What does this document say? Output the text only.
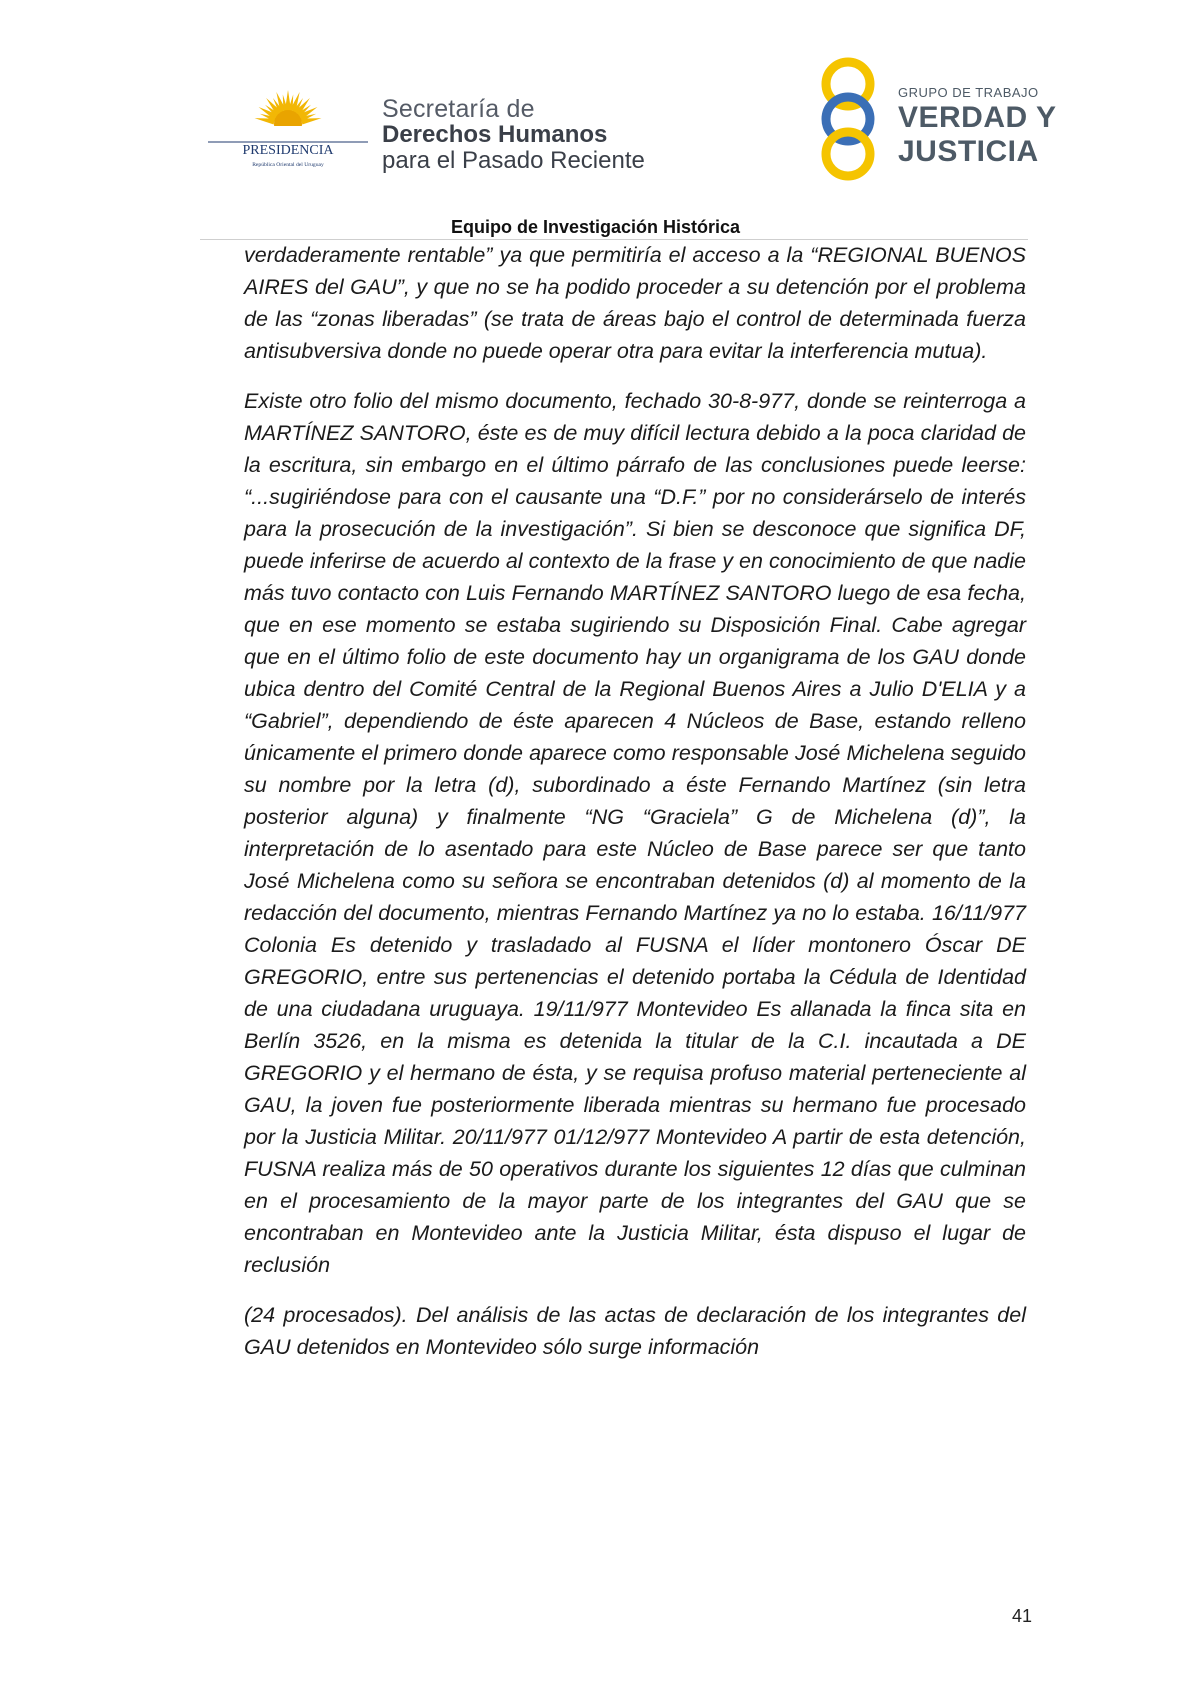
PRESIDENCIA
República Oriental del Uruguay
Secretaría de
Derechos Humanos
para el Pasado Reciente
GRUPO DE TRABAJO
VERDAD Y
JUSTICIA
Equipo de Investigación Histórica

verdaderamente rentable” ya que permitiría el acceso a la “REGIONAL BUENOS AIRES del GAU”, y que no se ha podido proceder a su detención por el problema de las “zonas liberadas” (se trata de áreas bajo el control de determinada fuerza antisubversiva donde no puede operar otra para evitar la interferencia mutua).

Existe otro folio del mismo documento, fechado 30-8-977, donde se reinterroga a MARTÍNEZ SANTORO, éste es de muy difícil lectura debido a la poca claridad de la escritura, sin embargo en el último párrafo de las conclusiones puede leerse: “...sugiriéndose para con el causante una “D.F.” por no considerárselo de interés para la prosecución de la investigación”. Si bien se desconoce que significa DF, puede inferirse de acuerdo al contexto de la frase y en conocimiento de que nadie más tuvo contacto con Luis Fernando MARTÍNEZ SANTORO luego de esa fecha, que en ese momento se estaba sugiriendo su Disposición Final. Cabe agregar que en el último folio de este documento hay un organigrama de los GAU donde ubica dentro del Comité Central de la Regional Buenos Aires a Julio D'ELIA y a “Gabriel”, dependiendo de éste aparecen 4 Núcleos de Base, estando relleno únicamente el primero donde aparece como responsable José Michelena seguido su nombre por la letra (d), subordinado a éste Fernando Martínez (sin letra posterior alguna) y finalmente “NG “Graciela” G de Michelena (d)”, la interpretación de lo asentado para este Núcleo de Base parece ser que tanto José Michelena como su señora se encontraban detenidos (d) al momento de la redacción del documento, mientras Fernando Martínez ya no lo estaba. 16/11/977 Colonia Es detenido y trasladado al FUSNA el líder montonero Óscar DE GREGORIO, entre sus pertenencias el detenido portaba la Cédula de Identidad de una ciudadana uruguaya. 19/11/977 Montevideo Es allanada la finca sita en Berlín 3526, en la misma es detenida la titular de la C.I. incautada a DE GREGORIO y el hermano de ésta, y se requisa profuso material perteneciente al GAU, la joven fue posteriormente liberada mientras su hermano fue procesado por la Justicia Militar. 20/11/977 01/12/977 Montevideo A partir de esta detención, FUSNA realiza más de 50 operativos durante los siguientes 12 días que culminan en el procesamiento de la mayor parte de los integrantes del GAU que se encontraban en Montevideo ante la Justicia Militar, ésta dispuso el lugar de reclusión

(24 procesados). Del análisis de las actas de declaración de los integrantes del GAU detenidos en Montevideo sólo surge información

41
